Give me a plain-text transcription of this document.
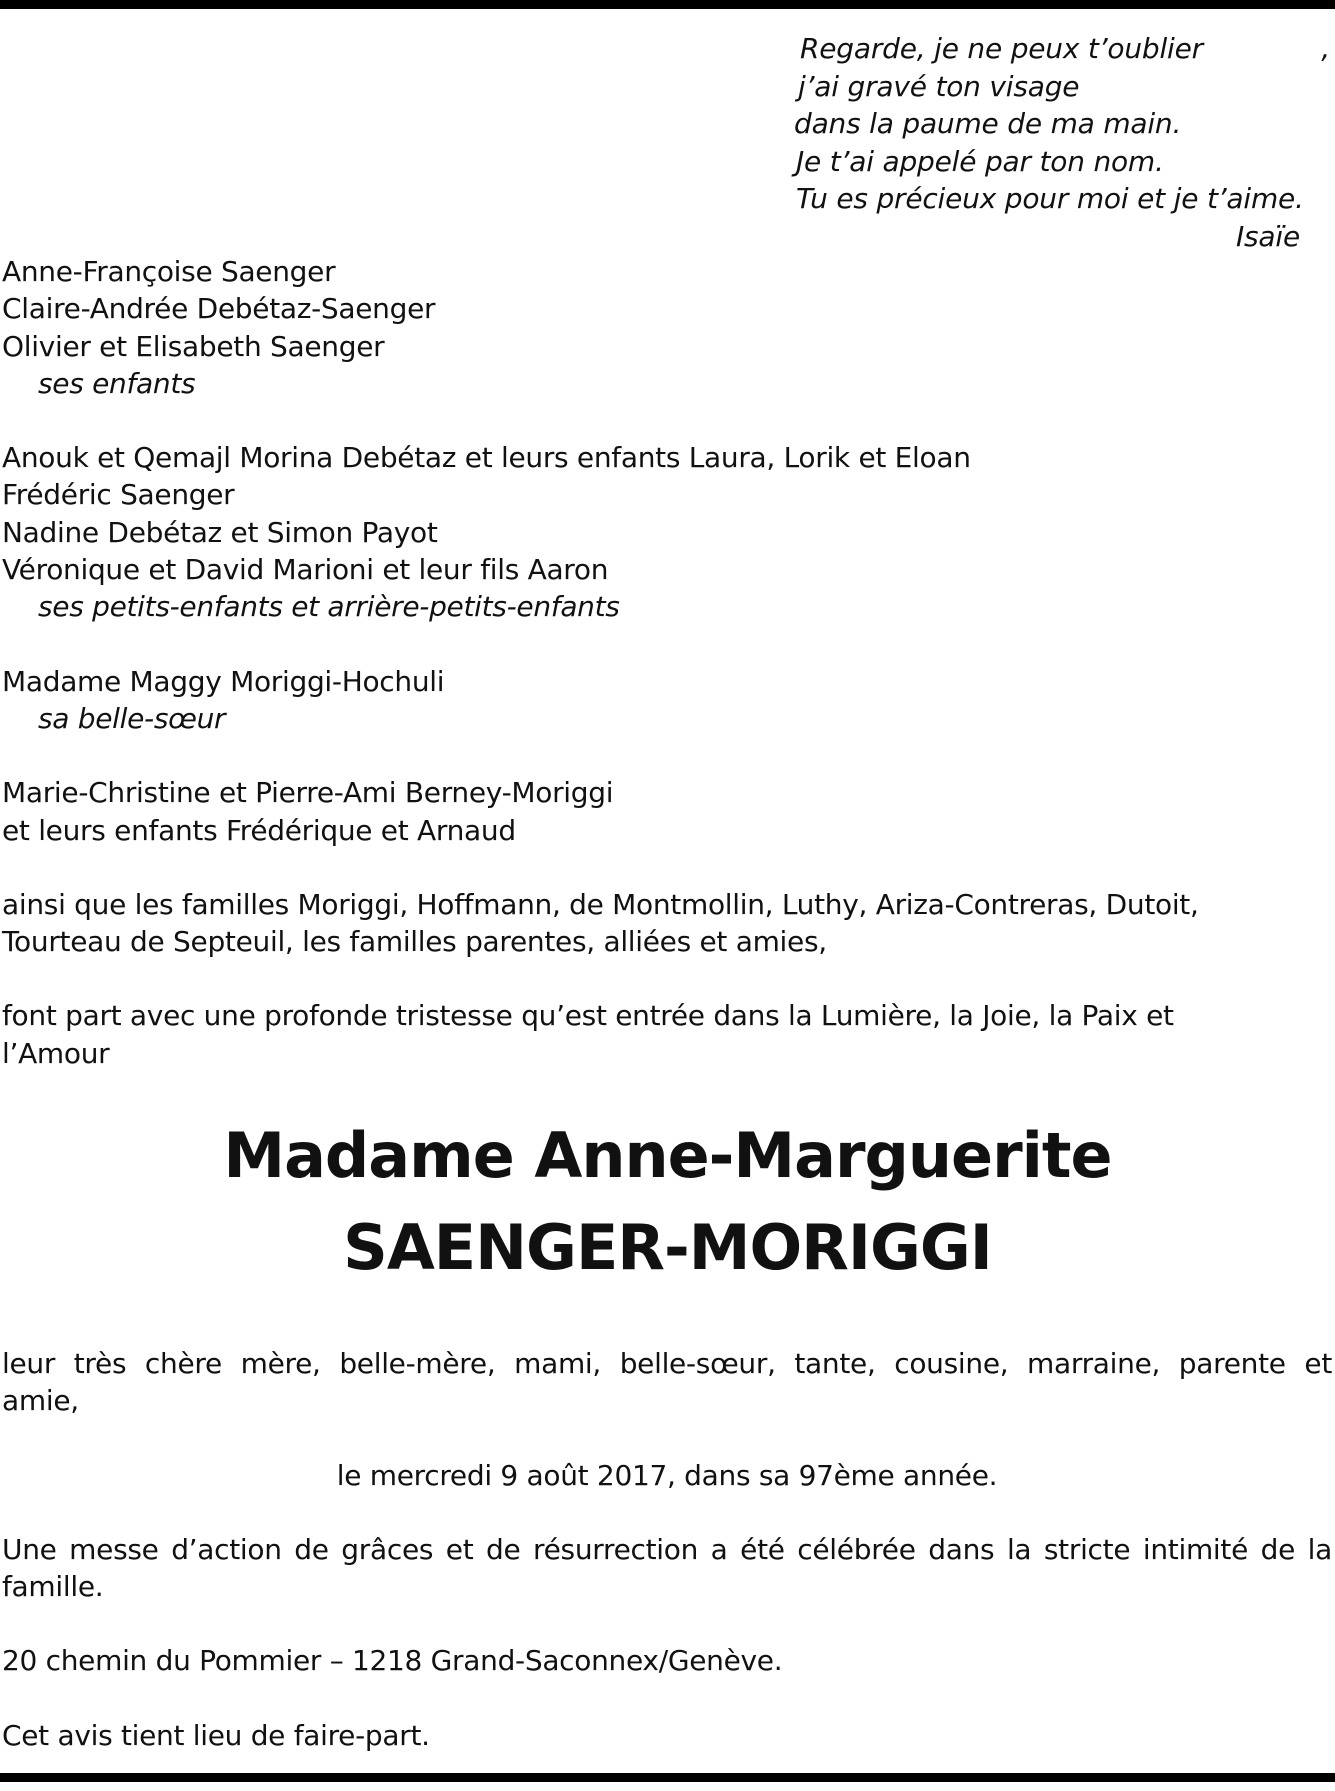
,
Regarde, je ne peux t’oublier
j’ai gravé ton visage
dans la paume de ma main.
Je t’ai appelé par ton nom.
Tu es précieux pour moi et je t’aime.
Isaïe
Anne-Françoise Saenger
Claire-Andrée Debétaz-Saenger
Olivier et Elisabeth Saenger
ses enfants
Anouk et Qemajl Morina Debétaz et leurs enfants Laura, Lorik et Eloan
Frédéric Saenger
Nadine Debétaz et Simon Payot
Véronique et David Marioni et leur fils Aaron
ses petits-enfants et arrière-petits-enfants
Madame Maggy Moriggi-Hochuli
sa belle-sœur
Marie-Christine et Pierre-Ami Berney-Moriggi
et leurs enfants Frédérique et Arnaud
ainsi que les familles Moriggi, Hoffmann, de Montmollin, Luthy, Ariza-Contreras, Dutoit,
Tourteau de Septeuil, les familles parentes, alliées et amies,
font part avec une profonde tristesse qu’est entrée dans la Lumière, la Joie, la Paix et
l’Amour
Madame Anne-Marguerite
SAENGER-MORIGGI
leur très chère mère, belle-mère, mami, belle-sœur, tante, cousine, marraine, parente et
amie,
le mercredi 9 août 2017, dans sa 97ème année.
Une messe d’action de grâces et de résurrection a été célébrée dans la stricte intimité de la
famille.
20 chemin du Pommier – 1218 Grand-Saconnex/Genève.
Cet avis tient lieu de faire-part.
